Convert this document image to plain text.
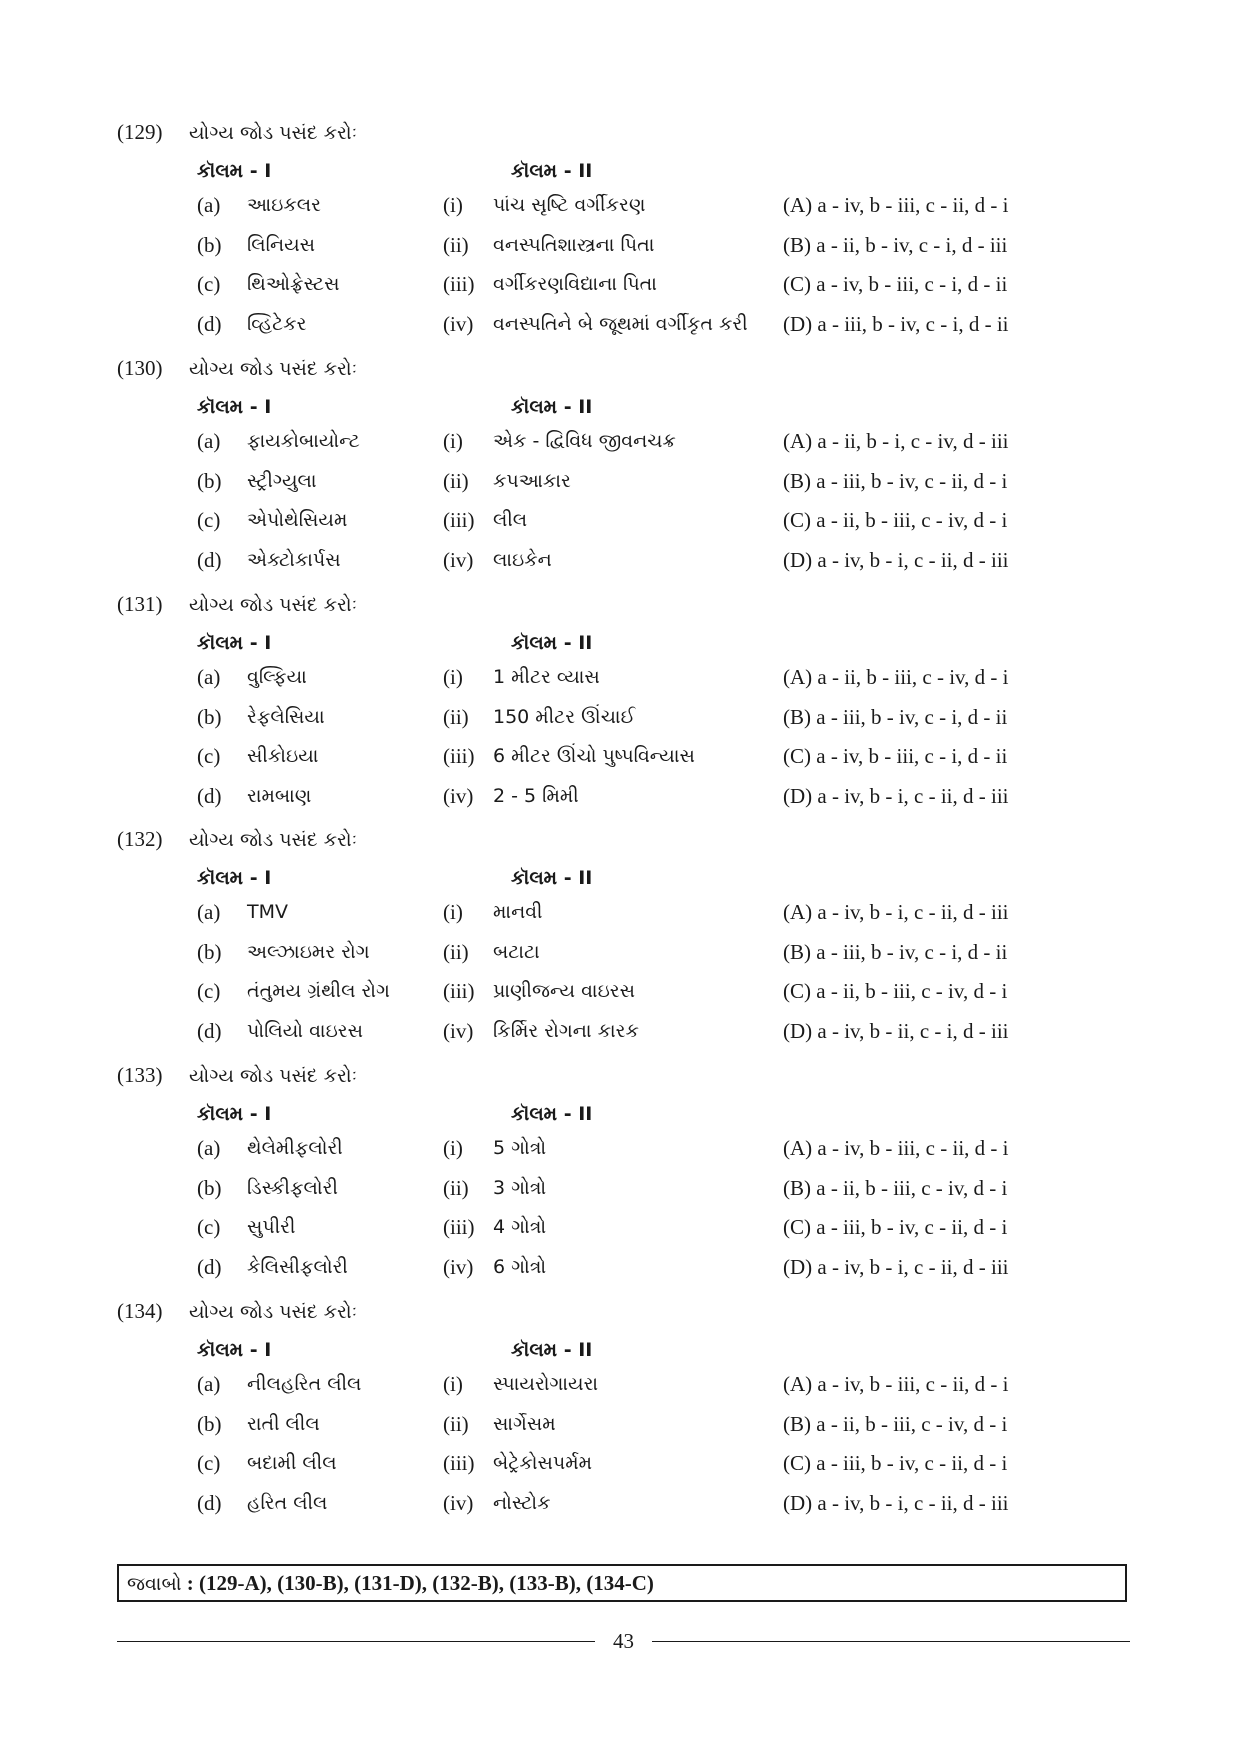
(129) યોગ્ય જોડ પસંદ કરોઃ
કૉલમ - I	કૉલમ - II
(a) આઇકલર	(i) પાંચ સૃષ્ટિ વર્ગીકરણ	(A) a - iv, b - iii, c - ii, d - i
(b) લિનિયસ	(ii) વનસ્પતિશાસ્ત્રના પિતા	(B) a - ii, b - iv, c - i, d - iii
(c) થિઓફ્રેસ્ટસ	(iii) વર્ગીકરણવિદ્યાના પિતા	(C) a - iv, b - iii, c - i, d - ii
(d) વ્હિટેકર	(iv) વનસ્પતિને બે જૂથમાં વર્ગીકૃત કરી (D) a - iii, b - iv, c - i, d - ii
(130) યોગ્ય જોડ પસંદ કરોઃ
કૉલમ - I	કૉલમ - II
(a) ફાયકોબાયોન્ટ	(i) એક - દ્વિવિધ જીવનચક્ર	(A) a - ii, b - i, c - iv, d - iii
(b) સ્ટ્રીગ્યુલા	(ii) કપઆકાર	(B) a - iii, b - iv, c - ii, d - i
(c) એપોથેસિયમ	(iii) લીલ	(C) a - ii, b - iii, c - iv, d - i
(d) એક્ટોકાર્પસ	(iv) લાઇકેન	(D) a - iv, b - i, c - ii, d - iii
(131) યોગ્ય જોડ પસંદ કરોઃ
કૉલમ - I	કૉલમ - II
(a) વુલ્ફિયા	(i) 1 મીટર વ્યાસ	(A) a - ii, b - iii, c - iv, d - i
(b) રેફલેસિયા	(ii) 150 મીટર ઊંચાઈ	(B) a - iii, b - iv, c - i, d - ii
(c) સીકોઇયા	(iii) 6 મીટર ઊંચો પુષ્પવિન્યાસ	(C) a - iv, b - iii, c - i, d - ii
(d) રામબાણ	(iv) 2 - 5 મિમી	(D) a - iv, b - i, c - ii, d - iii
(132) યોગ્ય જોડ પસંદ કરોઃ
કૉલમ - I	કૉલમ - II
(a) TMV	(i) માનવી	(A) a - iv, b - i, c - ii, d - iii
(b) અલ્ઝાઇમર રોગ	(ii) બટાટા	(B) a - iii, b - iv, c - i, d - ii
(c) તંતુમય ગ્રંથીલ રોગ	(iii) પ્રાણીજન્ય વાઇરસ	(C) a - ii, b - iii, c - iv, d - i
(d) પોલિયો વાઇરસ	(iv) કિર્મિર રોગના કારક	(D) a - iv, b - ii, c - i, d - iii
(133) યોગ્ય જોડ પસંદ કરોઃ
કૉલમ - I	કૉલમ - II
(a) થેલેમીફલોરી	(i) 5 ગોત્રો	(A) a - iv, b - iii, c - ii, d - i
(b) ડિસ્કીફલોરી	(ii) 3 ગોત્રો	(B) a - ii, b - iii, c - iv, d - i
(c) સુપીરી	(iii) 4 ગોત્રો	(C) a - iii, b - iv, c - ii, d - i
(d) કેલિસીફલોરી	(iv) 6 ગોત્રો	(D) a - iv, b - i, c - ii, d - iii
(134) યોગ્ય જોડ પસંદ કરોઃ
કૉલમ - I	કૉલમ - II
(a) નીલહરિત લીલ	(i) સ્પાયરોગાયરા	(A) a - iv, b - iii, c - ii, d - i
(b) રાતી લીલ	(ii) સાર્ગેસમ	(B) a - ii, b - iii, c - iv, d - i
(c) બદામી લીલ	(iii) બેટ્રેકોસપર્મમ	(C) a - iii, b - iv, c - ii, d - i
(d) હરિત લીલ	(iv) નોસ્ટોક	(D) a - iv, b - i, c - ii, d - iii
જવાબો : (129-A), (130-B), (131-D), (132-B), (133-B), (134-C)
43
